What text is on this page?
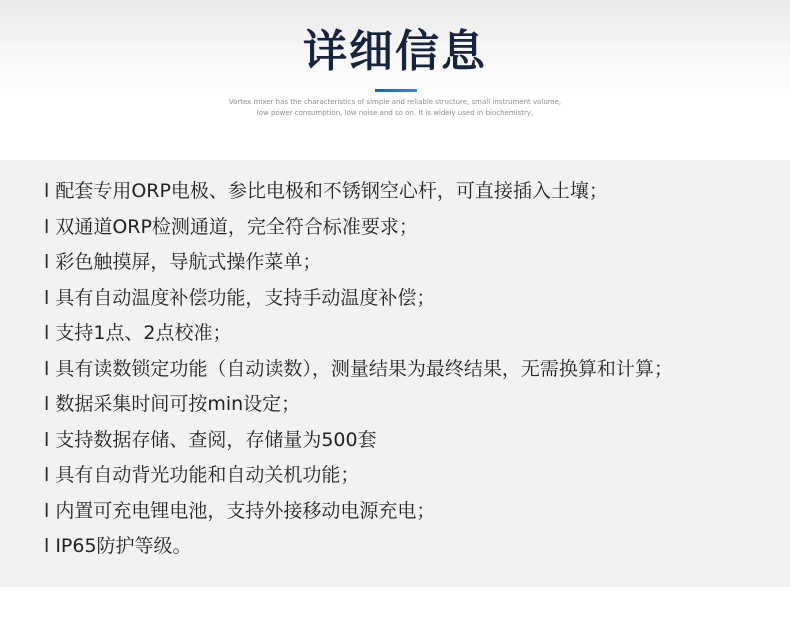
详细信息
Vortex mixer has the characteristics of simple and reliable structure, small instrument volume,
low power consumption, low noise and so on. It is widely used in biochemistry,
l 配套专用ORP电极、参比电极和不锈钢空心杆，可直接插入土壤；
l 双通道ORP检测通道，完全符合标准要求；
l 彩色触摸屏，导航式操作菜单；
l 具有自动温度补偿功能，支持手动温度补偿；
l 支持1点、2点校准；
l 具有读数锁定功能（自动读数），测量结果为最终结果，无需换算和计算；
l 数据采集时间可按min设定；
l 支持数据存储、查阅，存储量为500套
l 具有自动背光功能和自动关机功能；
l 内置可充电锂电池，支持外接移动电源充电；
l IP65防护等级。
